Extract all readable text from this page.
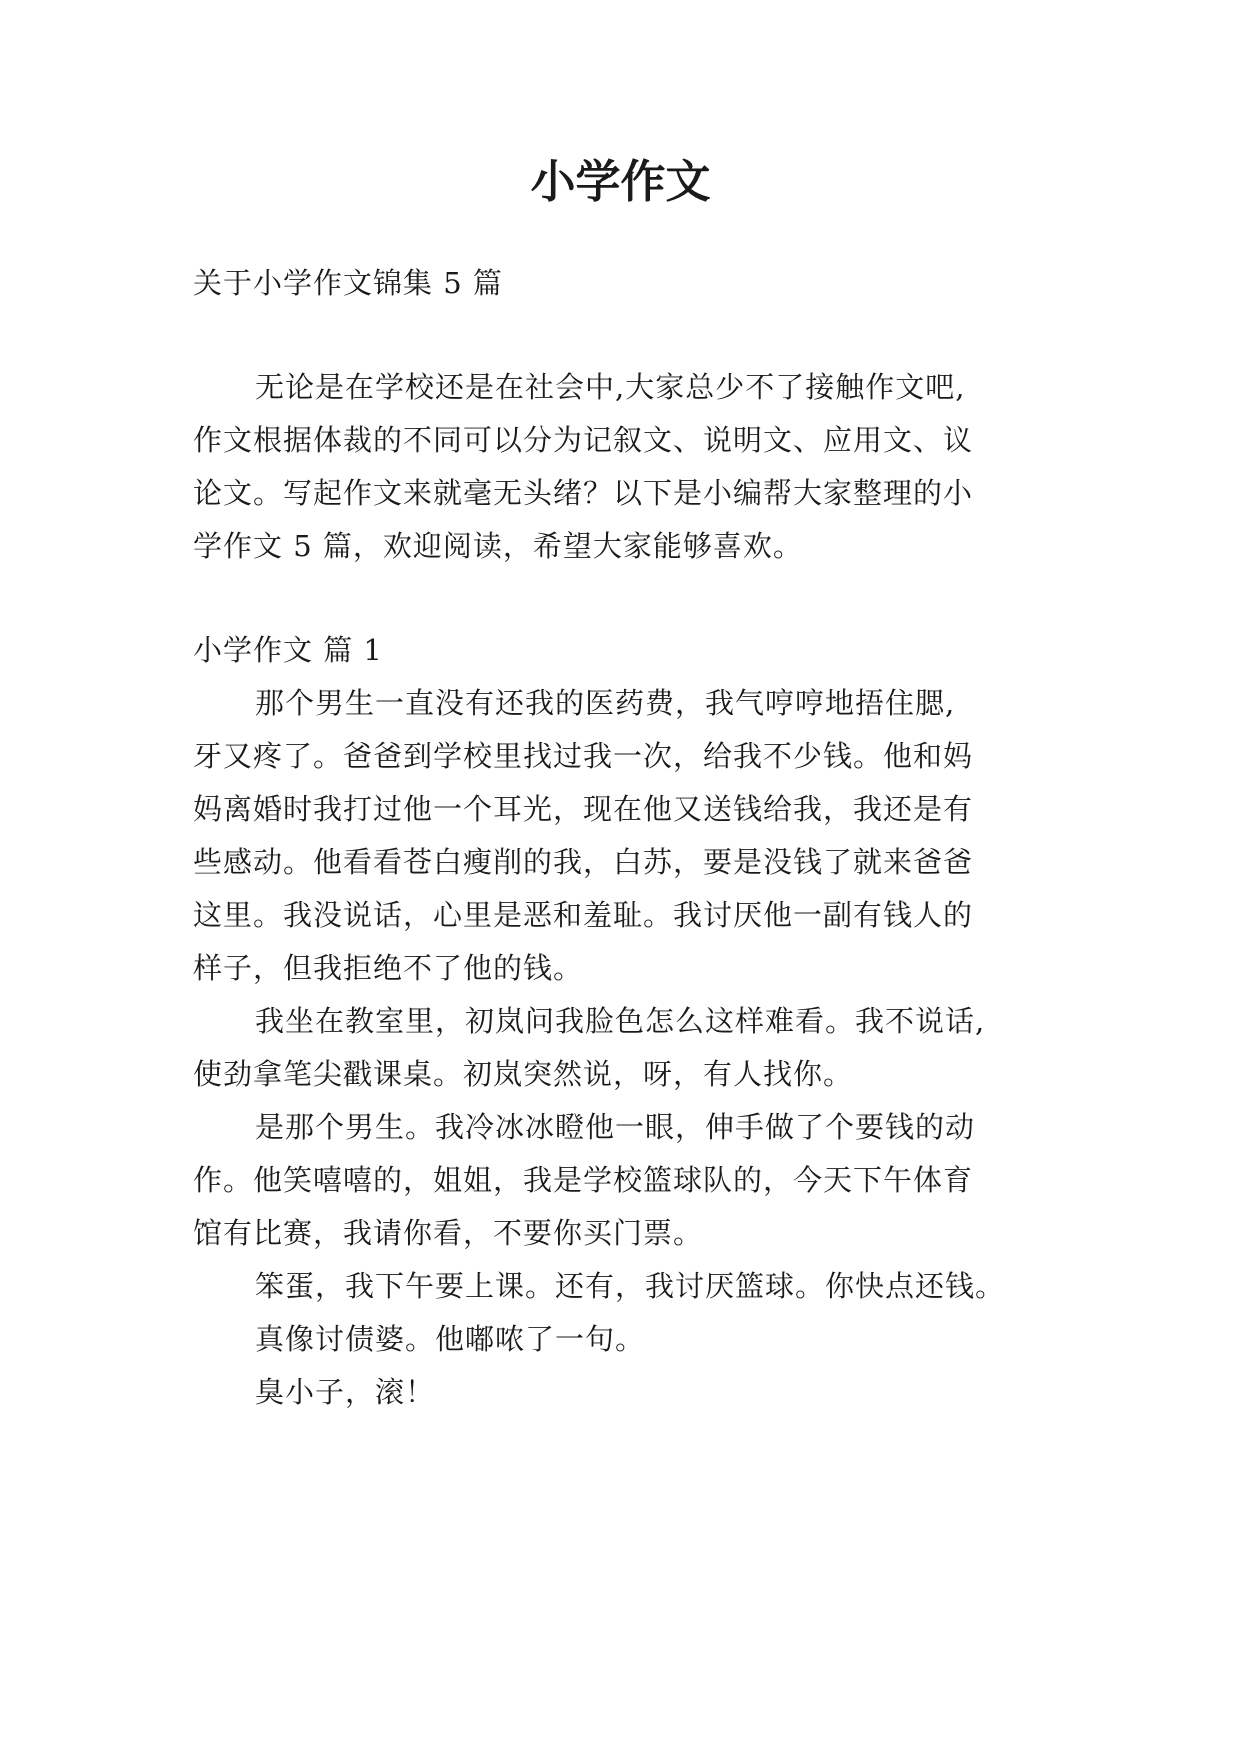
小学作文
关于小学作文锦集 5 篇
无论是在学校还是在社会中,大家总少不了接触作文吧,
作文根据体裁的不同可以分为记叙文、说明文、应用文、议
论文。写起作文来就毫无头绪？以下是小编帮大家整理的小
学作文 5 篇，欢迎阅读，希望大家能够喜欢。
小学作文 篇 1
那个男生一直没有还我的医药费，我气哼哼地捂住腮,
牙又疼了。爸爸到学校里找过我一次，给我不少钱。他和妈
妈离婚时我打过他一个耳光，现在他又送钱给我，我还是有
些感动。他看看苍白瘦削的我，白苏，要是没钱了就来爸爸
这里。我没说话，心里是恶和羞耻。我讨厌他一副有钱人的
样子，但我拒绝不了他的钱。
我坐在教室里，初岚问我脸色怎么这样难看。我不说话,
使劲拿笔尖戳课桌。初岚突然说，呀，有人找你。
是那个男生。我冷冰冰瞪他一眼，伸手做了个要钱的动
作。他笑嘻嘻的，姐姐，我是学校篮球队的，今天下午体育
馆有比赛，我请你看，不要你买门票。
笨蛋，我下午要上课。还有，我讨厌篮球。你快点还钱。
真像讨债婆。他嘟哝了一句。
臭小子，滚！
